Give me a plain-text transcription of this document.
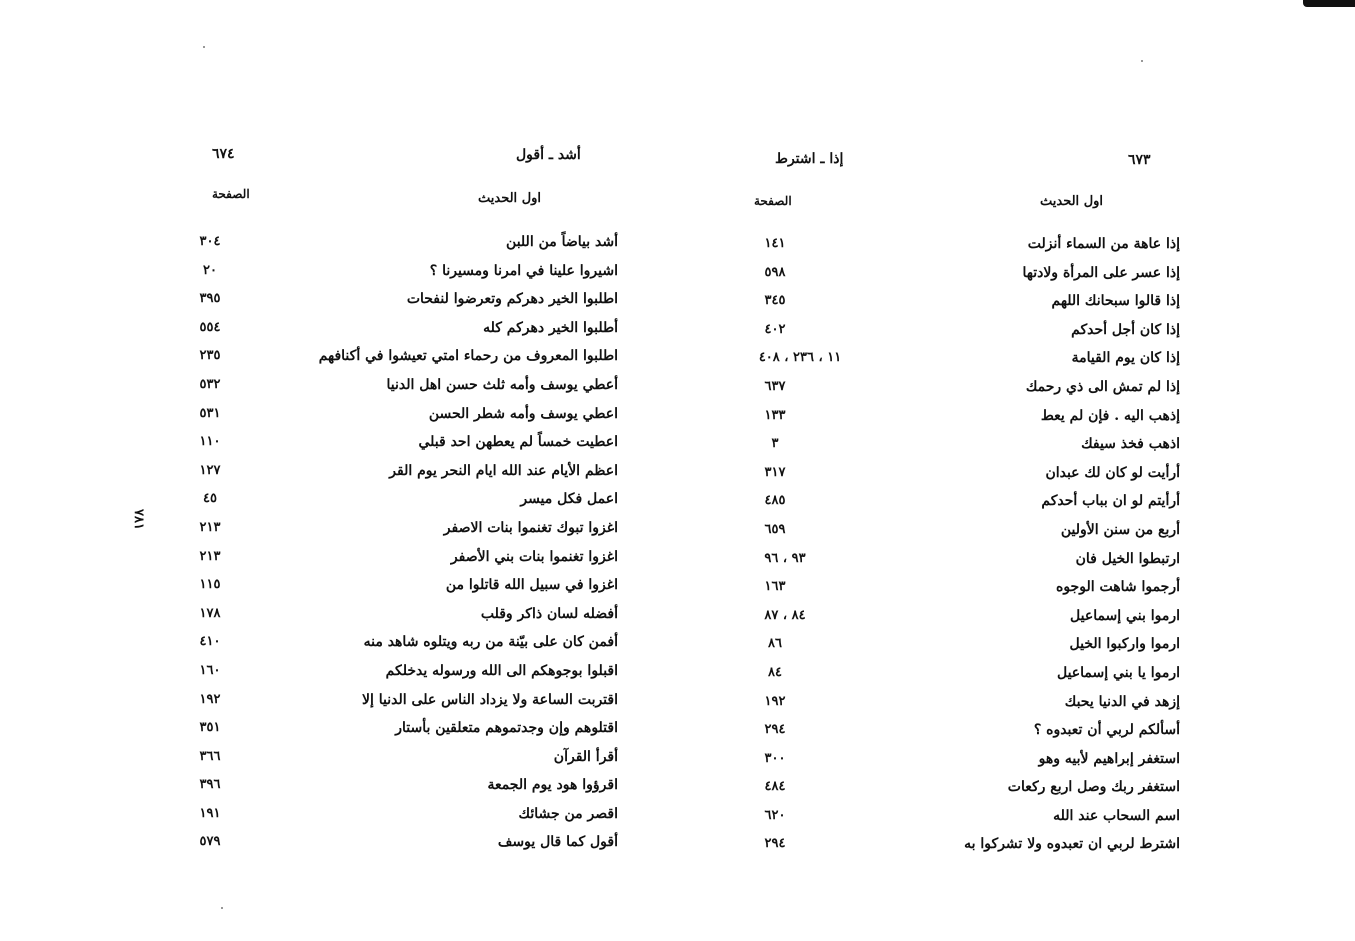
٦٧٤	أشد ـ أقول
اول الحديث
الصفحة
أشد بياضاً من اللبن
٣٠٤
اشيروا علينا في امرنا ومسيرنا ؟
٢٠
اطلبوا الخير دهركم وتعرضوا لنفحات
٣٩٥
أطلبوا الخير دهركم كله
٥٥٤
اطلبوا المعروف من رحماء امتي تعيشوا في أكنافهم
٢٣٥
أعطي يوسف وأمه ثلث حسن اهل الدنيا
٥٣٢
اعطي يوسف وأمه شطر الحسن
٥٣١
اعطيت خمساً لم يعطهن احد قبلي
١١٠
اعظم الأيام عند الله ايام النحر يوم القر
١٢٧
اعمل فكل ميسر
٤٥
اغزوا تبوك تغنموا بنات الاصفر
٢١٣
اغزوا تغنموا بنات بني الأصفر
٢١٣
اغزوا في سبيل الله قاتلوا من
١١٥
أفضله لسان ذاكر وقلب
١٧٨
أفمن كان على بيّنة من ربه ويتلوه شاهد منه
٤١٠
اقبلوا بوجوهكم الى الله ورسوله يدخلكم
١٦٠
اقتربت الساعة ولا يزداد الناس على الدنيا إلا
١٩٢
اقتلوهم وإن وجدتموهم متعلقين بأستار
٣٥١
أقرأ القرآن
٣٦٦
اقرؤوا هود يوم الجمعة
٣٩٦
اقصر من جشائك
١٩١
أقول كما قال يوسف
٥٧٩
٧٨١
٦٧٣
إذا ـ اشترط
اول الحديث
الصفحة
إذا عاهة من السماء أنزلت
١٤١
إذا عسر على المرأة ولادتها
٥٩٨
إذا قالوا سبحانك اللهم
٣٤٥
إذا كان أجل أحدكم
٤٠٢
إذا كان يوم القيامة
١١ ، ٢٣٦ ، ٤٠٨
إذا لم تمش الى ذي رحمك
٦٣٧
إذهب اليه . فإن لم يعط
١٣٣
اذهب فخذ سيفك
٣
أرأيت لو كان لك عبدان
٣١٧
أرأيتم لو ان بباب أحدكم
٤٨٥
أربع من سنن الأولين
٦٥٩
ارتبطوا الخيل فان
٩٣ ، ٩٦
أرجموا شاهت الوجوه
١٦٣
ارموا بني إسماعيل
٨٤ ، ٨٧
ارموا واركبوا الخيل
٨٦
ارموا يا بني إسماعيل
٨٤
إزهد في الدنيا يحبك
١٩٢
أسألكم لربي أن تعبدوه ؟
٢٩٤
استغفر إبراهيم لأبيه وهو
٣٠٠
استغفر ربك وصل اربع ركعات
٤٨٤
اسم السحاب عند الله
٦٢٠
اشترط لربي ان تعبدوه ولا تشركوا به
٢٩٤
